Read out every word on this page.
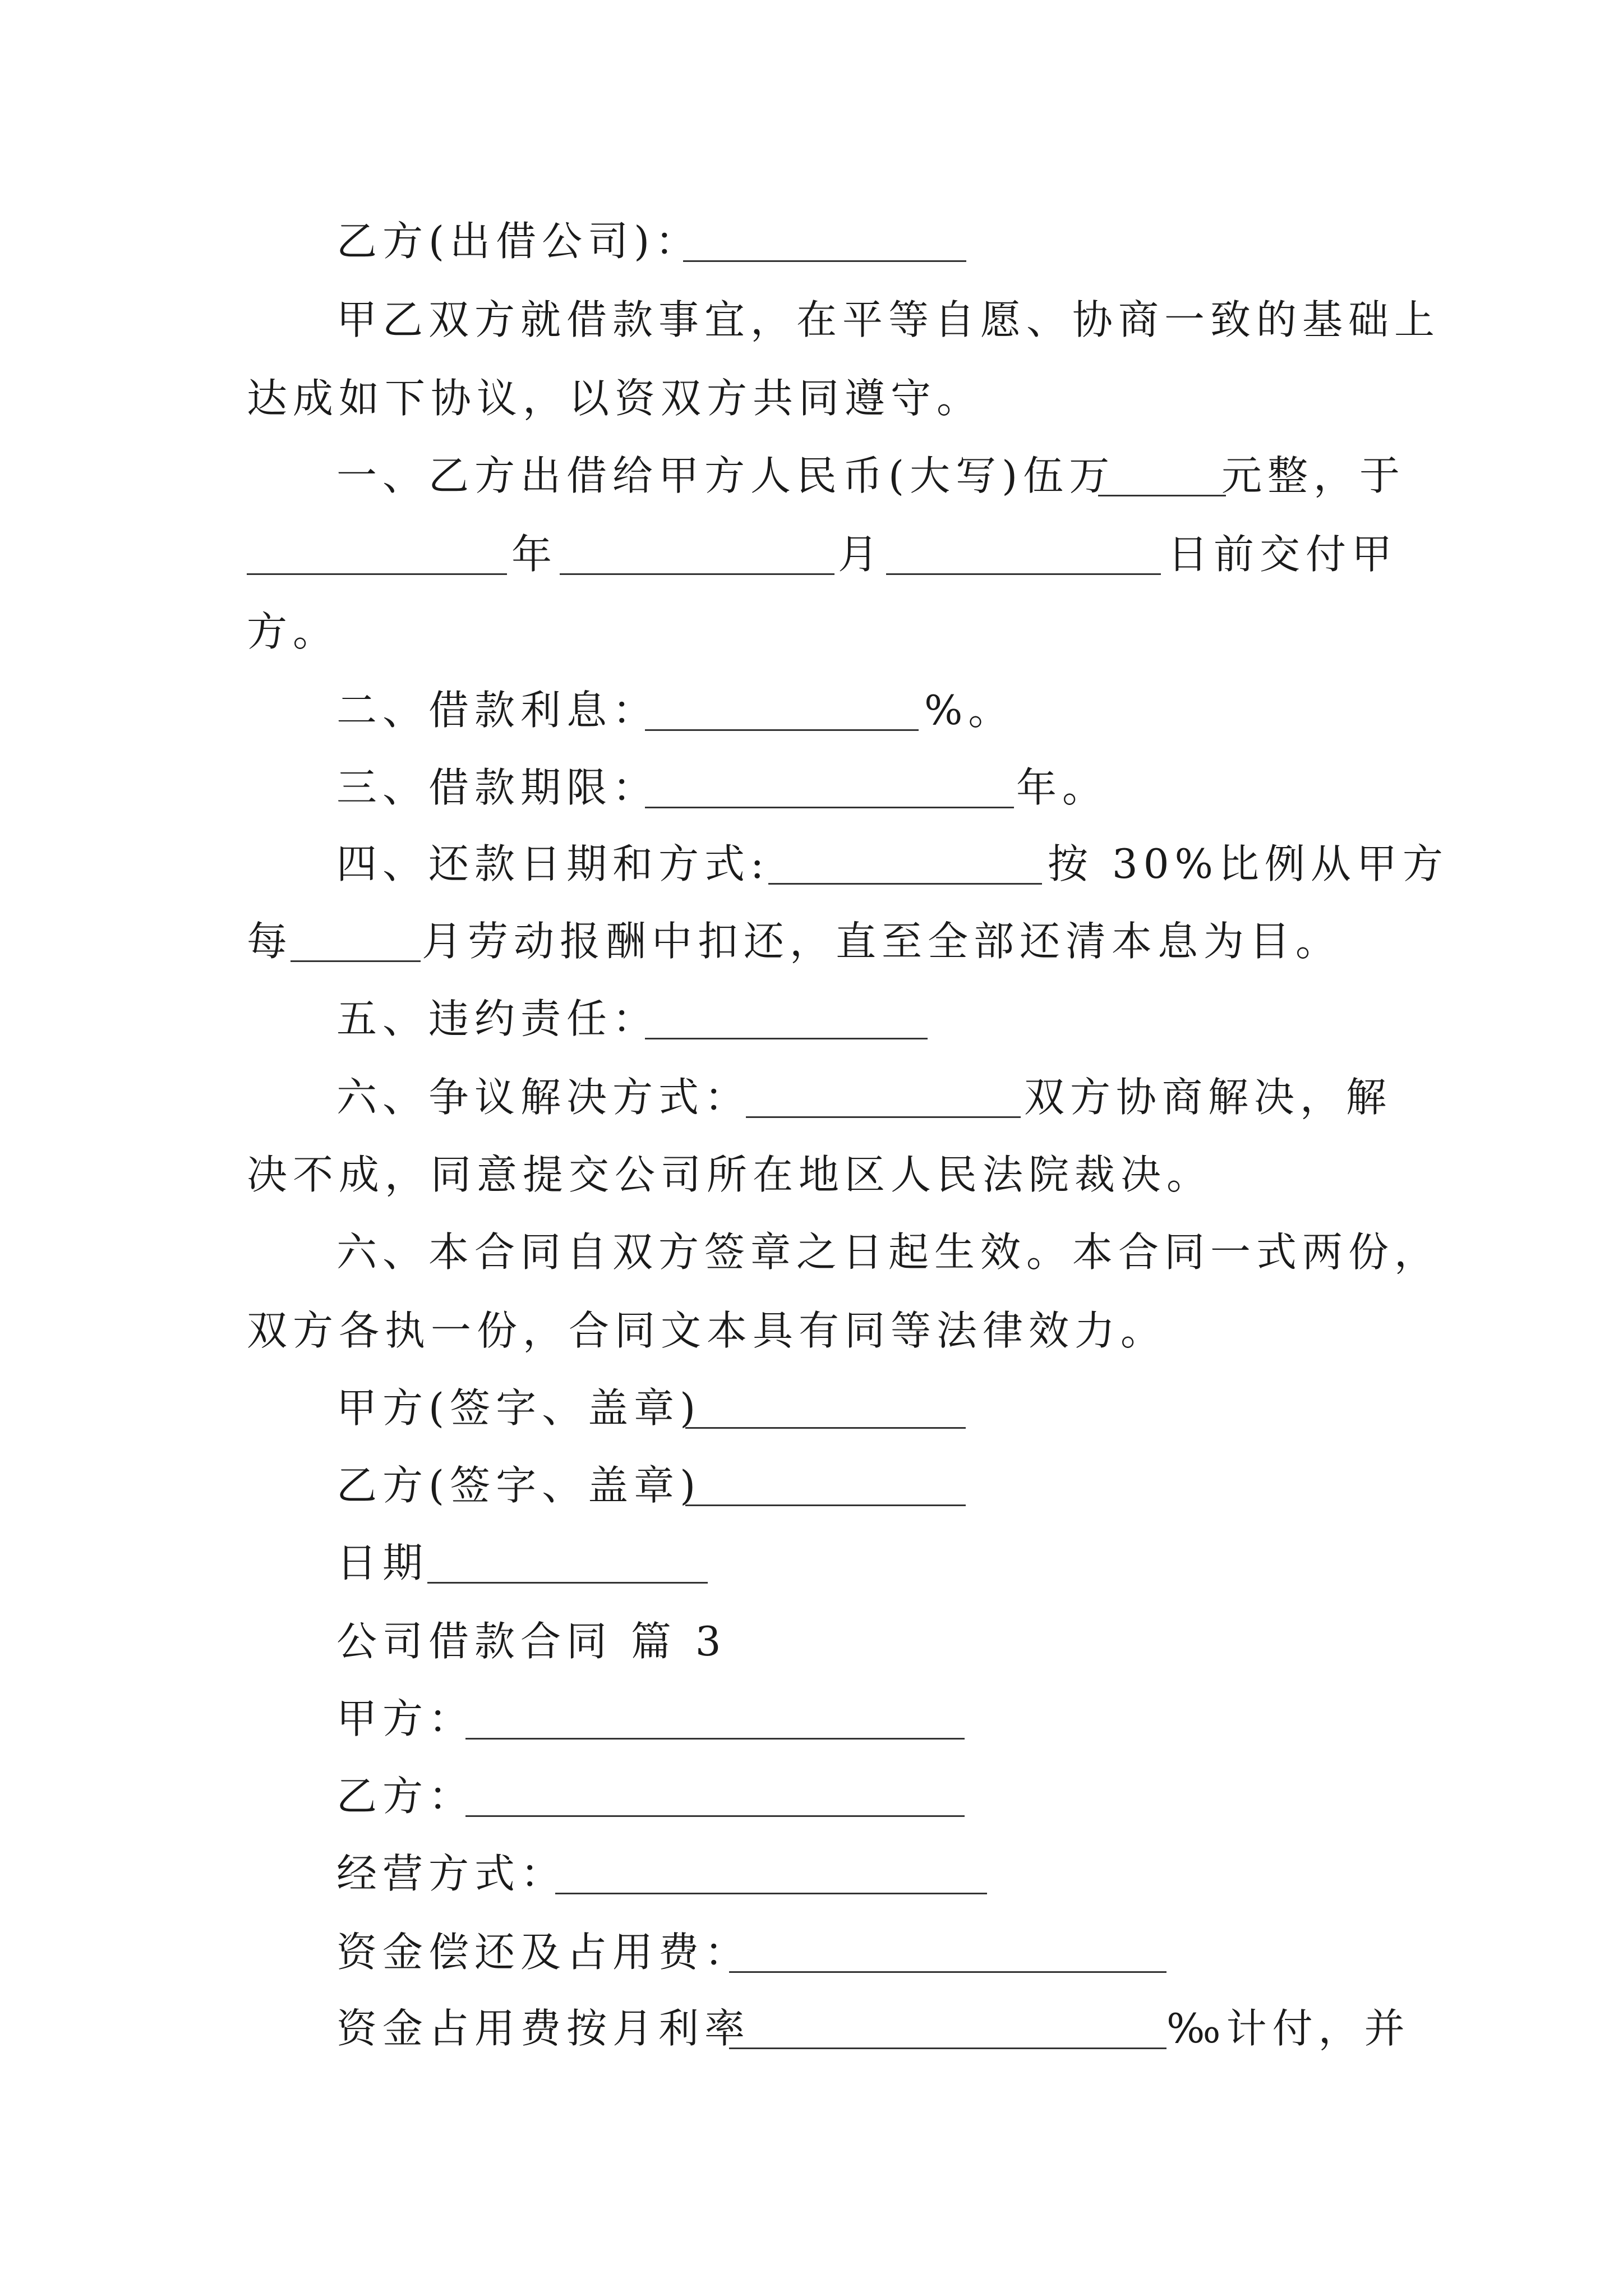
乙方(出借公司)：
甲乙双方就借款事宜，在平等自愿、协商一致的基础上
达成如下协议，以资双方共同遵守。
一、乙方出借给甲方人民币(大写)伍万	元整，于
年	月	日前交付甲
方。
二、借款利息：	%。
三、借款期限：	年。
四、还款日期和方式:	按 30%比例从甲方
每	月劳动报酬中扣还，直至全部还清本息为目。
五、违约责任：
六、争议解决方式：	双方协商解决，解
决不成，同意提交公司所在地区人民法院裁决。
六、本合同自双方签章之日起生效。本合同一式两份，
双方各执一份，合同文本具有同等法律效力。
甲方(签字、盖章)
乙方(签字、盖章)
日期
公司借款合同 篇 3
甲方：
乙方：
经营方式：
资金偿还及占用费：
资金占用费按月利率	‰计付，并
